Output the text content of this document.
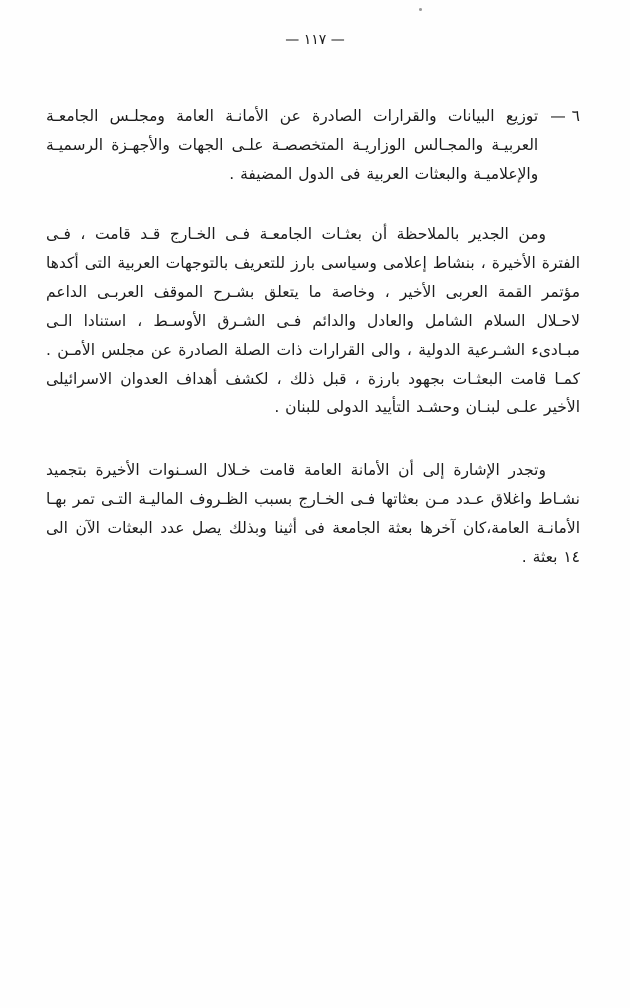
— ١١٧ —
٦ —
توزيع البيانات والقرارات الصادرة عن الأمانـة العامة ومجلـس الجامعـة العربيـة والمجـالس الوزاريـة المتخصصـة علـى الجهات والأجهـزة الرسميـة والإعلاميـة والبعثات العربية فى الدول المضيفة .

ومن الجدير بالملاحظة أن بعثـات الجامعـة فـى الخـارج قـد قامت ، فـى الفترة الأخيرة ، بنشاط إعلامى وسياسى بارز للتعريف بالتوجهات العربية التى أكدها مؤتمر القمة العربى الأخير ، وخاصة ما يتعلق بشـرح الموقف العربـى الداعم لاحـلال السلام الشامل والعادل والدائم فـى الشـرق الأوسـط ، استنادا الـى مبـادىء الشـرعية الدولية ، والى القرارات ذات الصلة الصادرة عن مجلس الأمـن . كمـا قامت البعثـات بجهود بارزة ، قبل ذلك ، لكشف أهداف العدوان الاسرائيلى الأخير علـى لبنـان وحشـد التأييد الدولى للبنان .

وتجدر الإشارة إلى أن الأمانة العامة قامت خـلال السـنوات الأخيرة بتجميد نشـاط واغلاق عـدد مـن بعثاتها فـى الخـارج بسبب الظـروف الماليـة التـى تمر بهـا الأمانـة العامة،كان آخرها بعثة الجامعة فى أثينا وبذلك يصل عدد البعثات الآن الى ١٤ بعثة .
